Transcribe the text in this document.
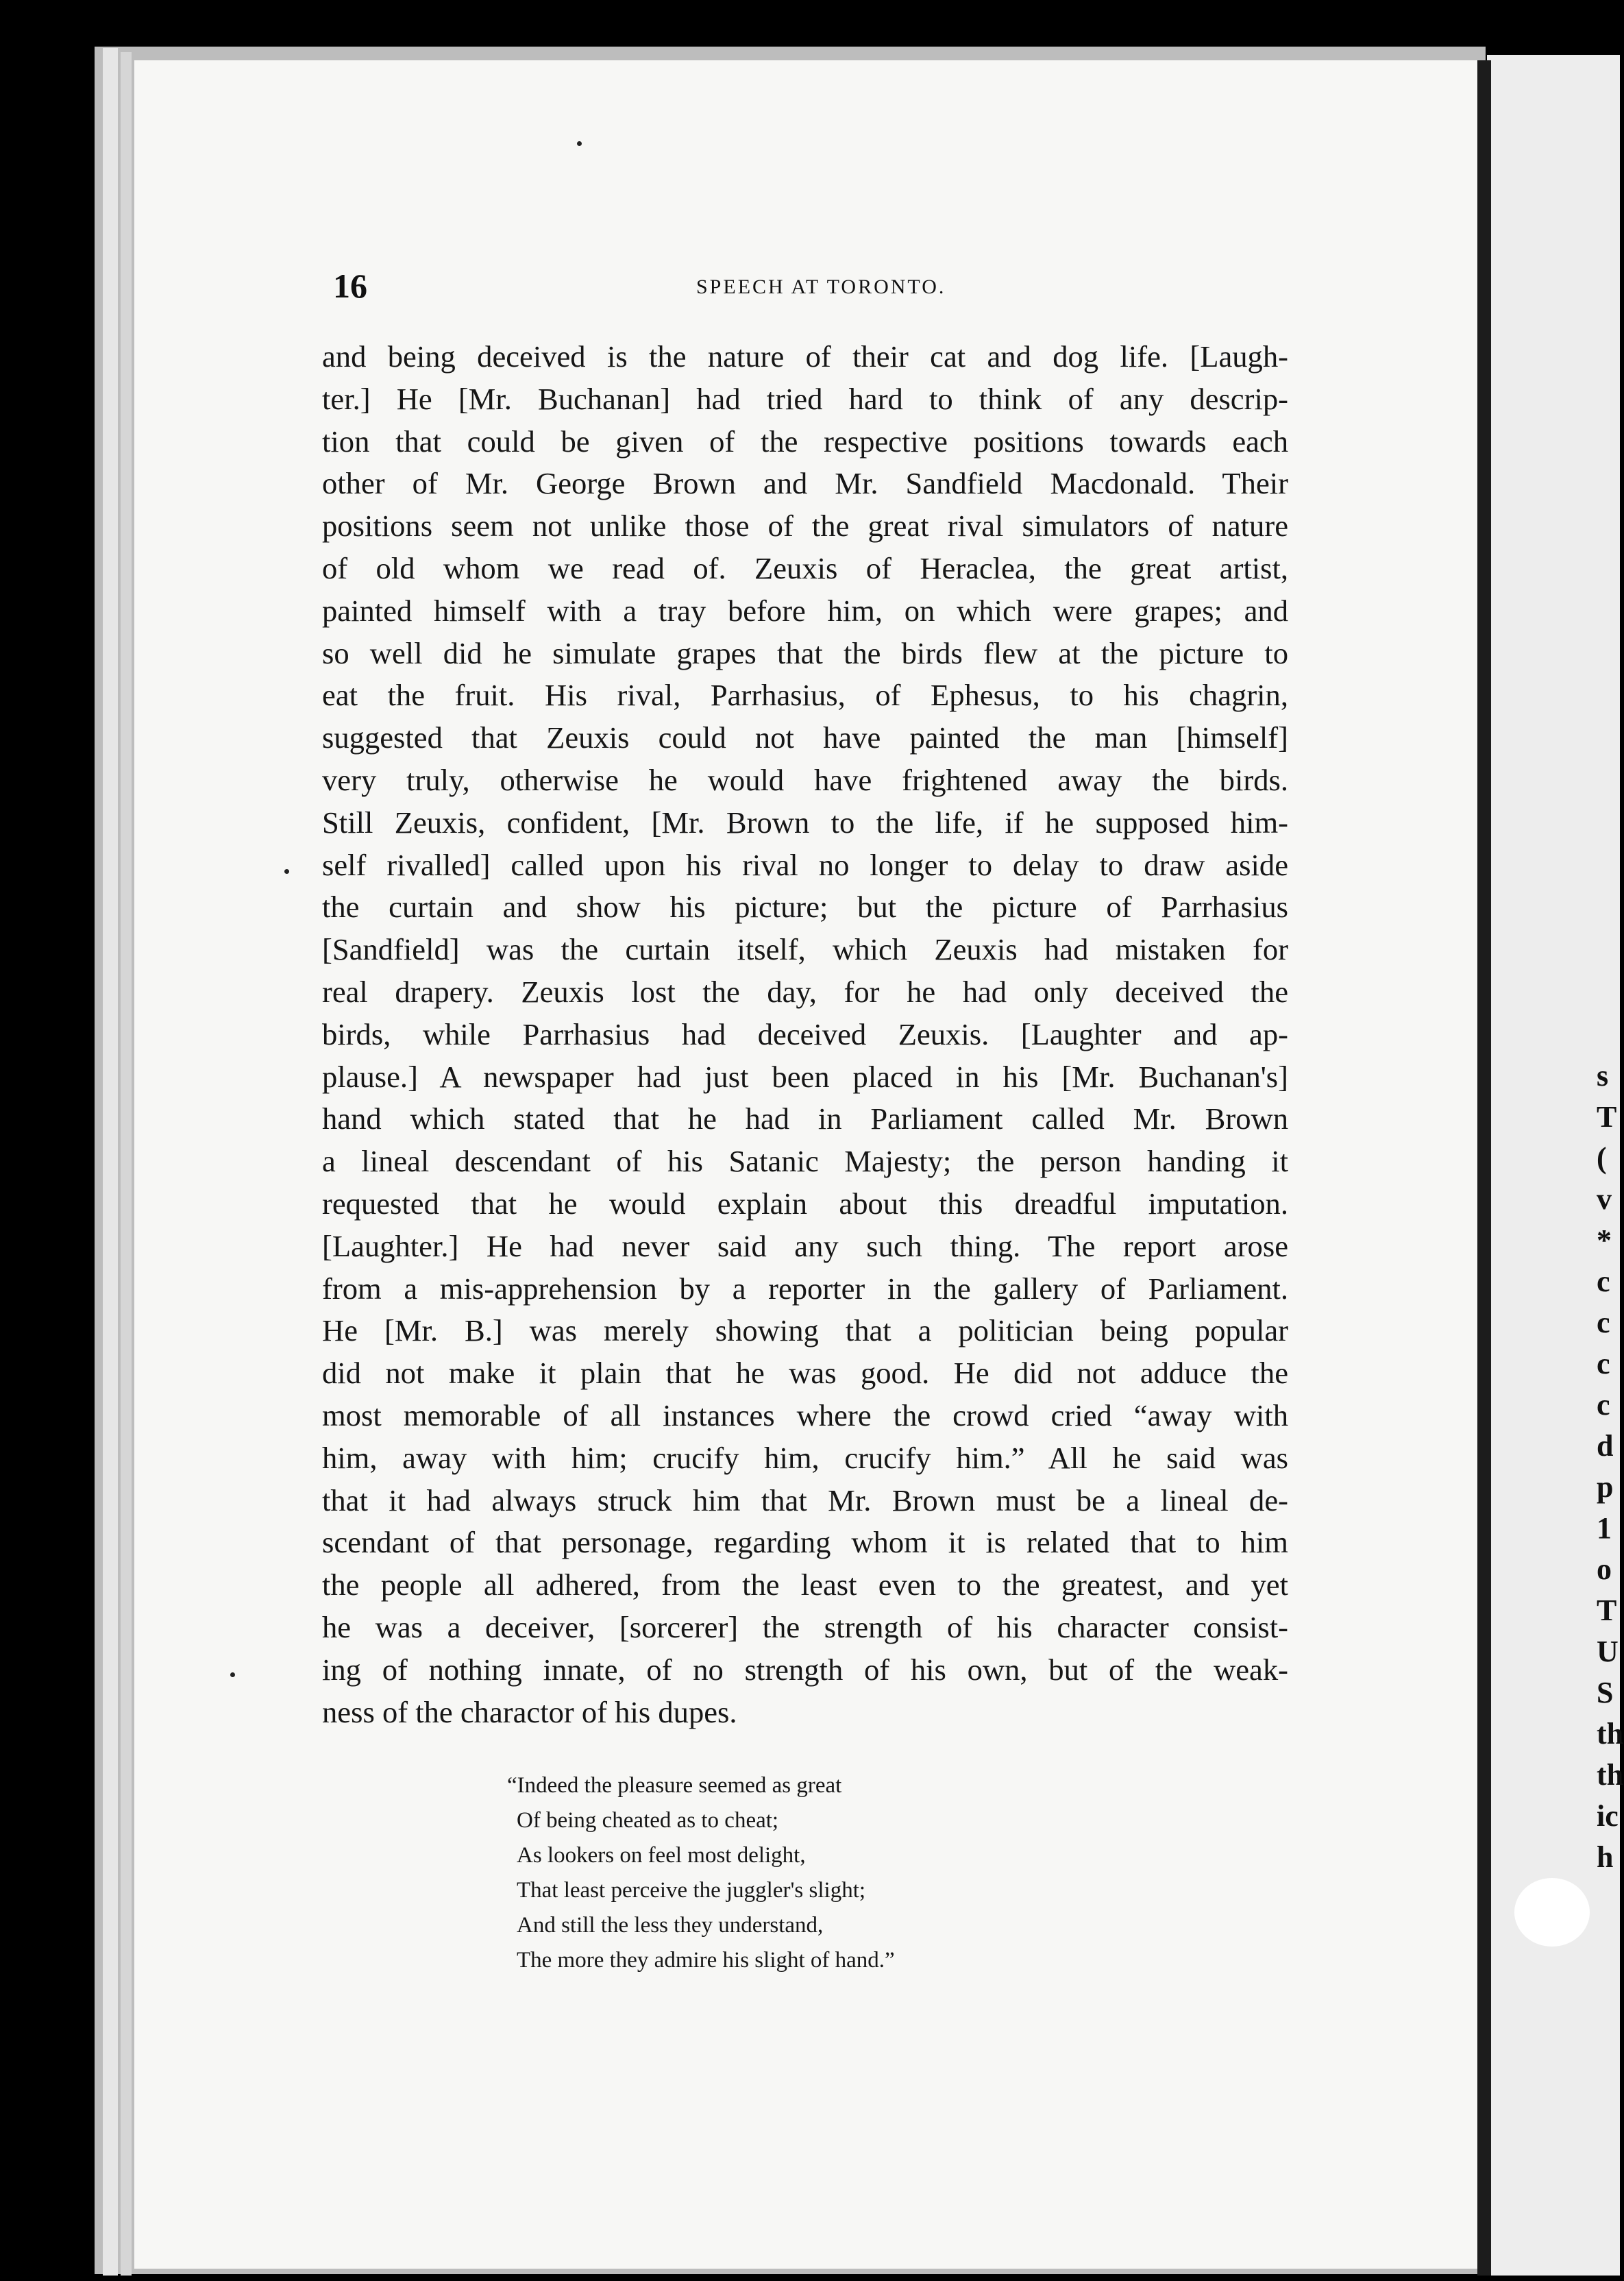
s
T
(
v
*
c
c
c
c
d
p
1
o
T
U
S
th
th
ic
h
16	SPEECH AT TORONTO.
and being deceived is the nature of their cat and dog life. [Laugh-
ter.] He [Mr. Buchanan] had tried hard to think of any descrip-
tion that could be given of the respective positions towards each
other of Mr. George Brown and Mr. Sandfield Macdonald. Their
positions seem not unlike those of the great rival simulators of nature
of old whom we read of. Zeuxis of Heraclea, the great artist,
painted himself with a tray before him, on which were grapes; and
so well did he simulate grapes that the birds flew at the picture to
eat the fruit. His rival, Parrhasius, of Ephesus, to his chagrin,
suggested that Zeuxis could not have painted the man [himself]
very truly, otherwise he would have frightened away the birds.
Still Zeuxis, confident, [Mr. Brown to the life, if he supposed him-
self rivalled] called upon his rival no longer to delay to draw aside
the curtain and show his picture; but the picture of Parrhasius
[Sandfield] was the curtain itself, which Zeuxis had mistaken for
real drapery. Zeuxis lost the day, for he had only deceived the
birds, while Parrhasius had deceived Zeuxis. [Laughter and ap-
plause.] A newspaper had just been placed in his [Mr. Buchanan's]
hand which stated that he had in Parliament called Mr. Brown
a lineal descendant of his Satanic Majesty; the person handing it
requested that he would explain about this dreadful imputation.
[Laughter.] He had never said any such thing. The report arose
from a mis-apprehension by a reporter in the gallery of Parliament.
He [Mr. B.] was merely showing that a politician being popular
did not make it plain that he was good. He did not adduce the
most memorable of all instances where the crowd cried “away with
him, away with him; crucify him, crucify him.” All he said was
that it had always struck him that Mr. Brown must be a lineal de-
scendant of that personage, regarding whom it is related that to him
the people all adhered, from the least even to the greatest, and yet
he was a deceiver, [sorcerer] the strength of his character consist-
ing of nothing innate, of no strength of his own, but of the weak-
ness of the charactor of his dupes.
“Indeed the pleasure seemed as great
Of being cheated as to cheat;
As lookers on feel most delight,
That least perceive the juggler's slight;
And still the less they understand,
The more they admire his slight of hand.”
